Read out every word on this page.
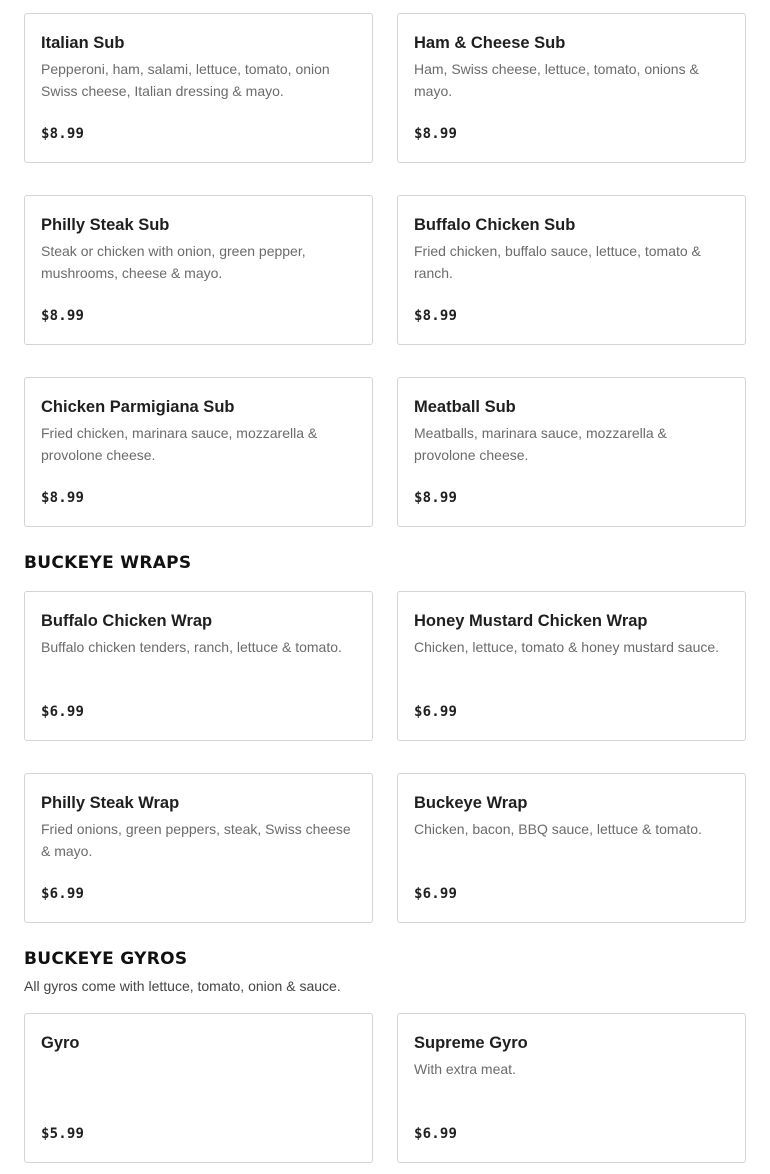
Italian Sub
Pepperoni, ham, salami, lettuce, tomato, onion Swiss cheese, Italian dressing & mayo.
$8.99
Ham & Cheese Sub
Ham, Swiss cheese, lettuce, tomato, onions & mayo.
$8.99
Philly Steak Sub
Steak or chicken with onion, green pepper, mushrooms, cheese & mayo.
$8.99
Buffalo Chicken Sub
Fried chicken, buffalo sauce, lettuce, tomato & ranch.
$8.99
Chicken Parmigiana Sub
Fried chicken, marinara sauce, mozzarella & provolone cheese.
$8.99
Meatball Sub
Meatballs, marinara sauce, mozzarella & provolone cheese.
$8.99
BUCKEYE WRAPS
Buffalo Chicken Wrap
Buffalo chicken tenders, ranch, lettuce & tomato.
$6.99
Honey Mustard Chicken Wrap
Chicken, lettuce, tomato & honey mustard sauce.
$6.99
Philly Steak Wrap
Fried onions, green peppers, steak, Swiss cheese & mayo.
$6.99
Buckeye Wrap
Chicken, bacon, BBQ sauce, lettuce & tomato.
$6.99
BUCKEYE GYROS
All gyros come with lettuce, tomato, onion & sauce.
Gyro
$5.99
Supreme Gyro
With extra meat.
$6.99
